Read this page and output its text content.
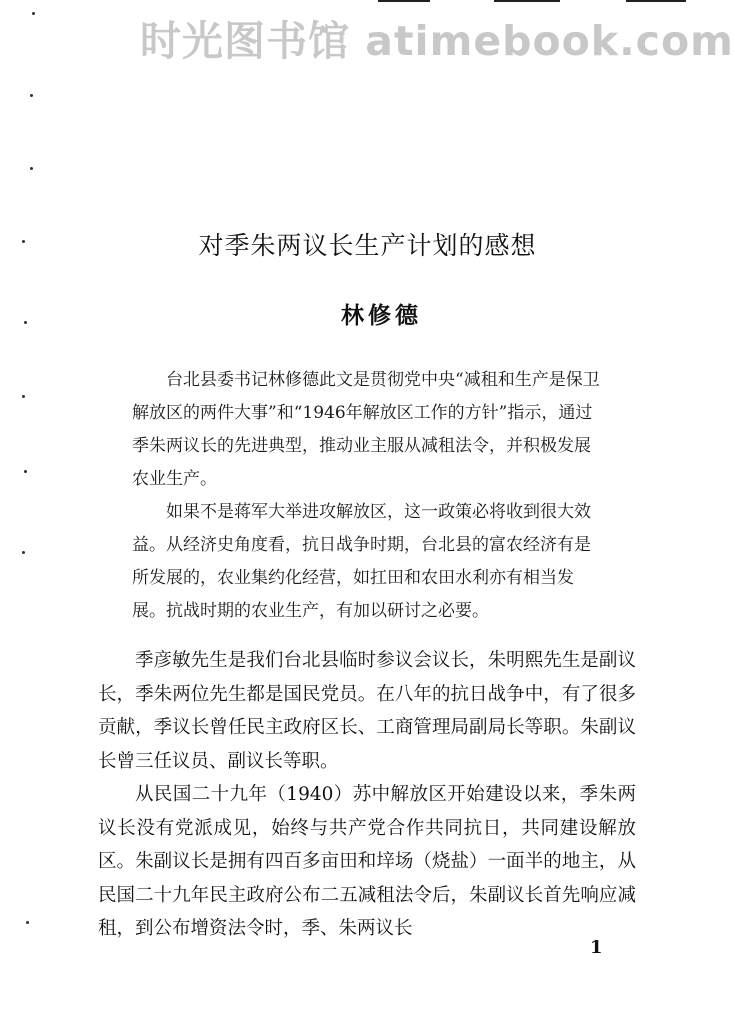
时光图书馆 atimebook.com
对季朱两议长生产计划的感想
林修德

台北县委书记林修德此文是贯彻党中央“减租和生产是保卫解放区的两件大事”和“1946年解放区工作的方针”指示，通过季朱两议长的先进典型，推动业主服从减租法令，并积极发展农业生产。

如果不是蒋军大举进攻解放区，这一政策必将收到很大效益。从经济史角度看，抗日战争时期，台北县的富农经济有是所发展的，农业集约化经营，如扛田和农田水利亦有相当发展。抗战时期的农业生产，有加以研讨之必要。

季彦敏先生是我们台北县临时参议会议长，朱明熙先生是副议长，季朱两位先生都是国民党员。在八年的抗日战争中，有了很多贡献，季议长曾任民主政府区长、工商管理局副局长等职。朱副议长曾三任议员、副议长等职。

从民国二十九年（1940）苏中解放区开始建设以来，季朱两议长没有党派成见，始终与共产党合作共同抗日，共同建设解放区。朱副议长是拥有四百多亩田和垶场（烧盐）一面半的地主，从民国二十九年民主政府公布二五减租法令后，朱副议长首先响应减租，到公布增资法令时，季、朱两议长

1
